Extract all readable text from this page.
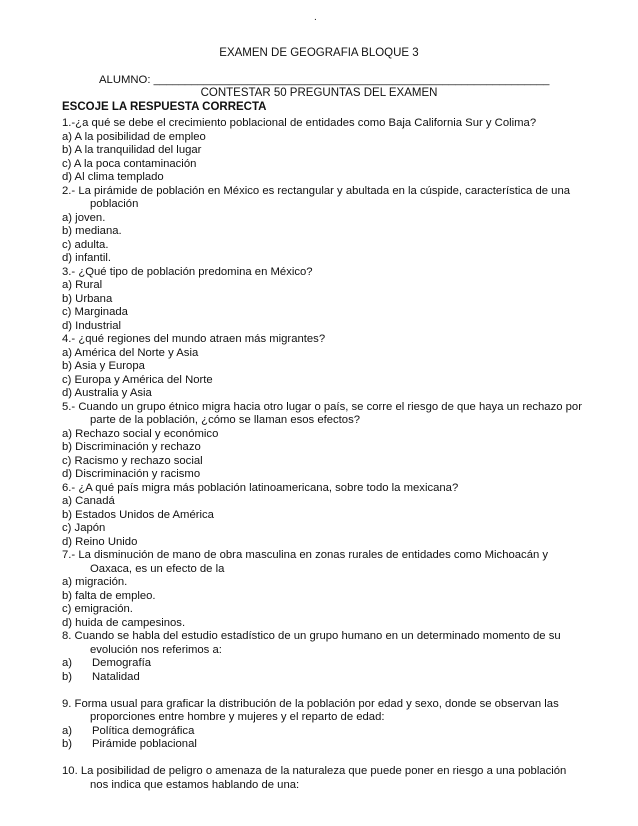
.
EXAMEN DE GEOGRAFIA BLOQUE 3
ALUMNO: _______________________________________________________________
CONTESTAR 50 PREGUNTAS DEL EXAMEN
ESCOJE LA RESPUESTA CORRECTA
1.-¿a qué se debe el crecimiento poblacional de entidades como Baja California Sur y Colima?
a) A la posibilidad de empleo
b) A la tranquilidad del lugar
c) A la poca contaminación
d) Al clima templado
2.- La pirámide de población en México es rectangular y abultada en la cúspide, característica de una población
a) joven.
b) mediana.
c) adulta.
d) infantil.
3.- ¿Qué tipo de población predomina en México?
a) Rural
b) Urbana
c) Marginada
d) Industrial
4.- ¿qué regiones del mundo atraen más migrantes?
a) América del Norte y Asia
b) Asia y Europa
c) Europa y América del Norte
d) Australia y Asia
5.- Cuando un grupo étnico migra hacia otro lugar o país, se corre el riesgo de que haya un rechazo por parte de la población, ¿cómo se llaman esos efectos?
a) Rechazo social y económico
b) Discriminación y rechazo
c) Racismo y rechazo social
d) Discriminación y racismo
6.- ¿A qué país migra más población latinoamericana, sobre todo la mexicana?
a) Canadá
b) Estados Unidos de América
c) Japón
d) Reino Unido
7.- La disminución de mano de obra masculina en zonas rurales de entidades como Michoacán y Oaxaca, es un efecto de la
a) migración.
b) falta de empleo.
c) emigración.
d) huida de campesinos.
8. Cuando se habla del estudio estadístico de un grupo humano en un determinado momento de su evolución nos referimos a:
a) Demografía
b) Natalidad
9. Forma usual para graficar la distribución de la población por edad y sexo, donde se observan las proporciones entre hombre y mujeres y el reparto de edad:
a) Política demográfica
b) Pirámide poblacional
10. La posibilidad de peligro o amenaza de la naturaleza que puede poner en riesgo a una población nos indica que estamos hablando de una:
